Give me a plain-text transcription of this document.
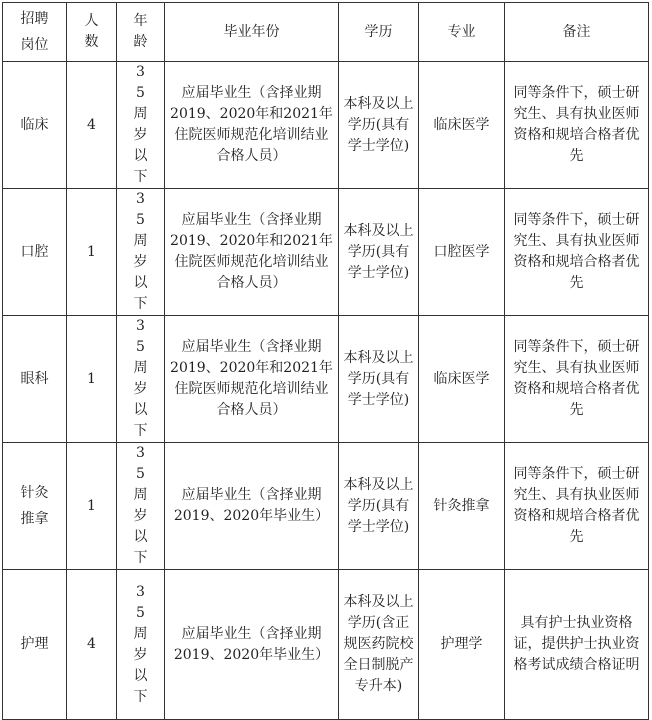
招聘岗位	人数	年龄	毕业年份	学历	专业	备注
临床	4	35周岁以下	应届毕业生（含择业期2019、2020年和2021年住院医师规范化培训结业合格人员）	本科及以上学历(具有学士学位)	临床医学	同等条件下，硕士研究生、具有执业医师资格和规培合格者优先
口腔	1	35周岁以下	应届毕业生（含择业期2019、2020年和2021年住院医师规范化培训结业合格人员）	本科及以上学历(具有学士学位)	口腔医学	同等条件下，硕士研究生、具有执业医师资格和规培合格者优先
眼科	1	35周岁以下	应届毕业生（含择业期2019、2020年和2021年住院医师规范化培训结业合格人员）	本科及以上学历(具有学士学位)	临床医学	同等条件下，硕士研究生、具有执业医师资格和规培合格者优先
针灸推拿	1	35周岁以下	应届毕业生（含择业期2019、2020年毕业生）	本科及以上学历(具有学士学位)	针灸推拿	同等条件下，硕士研究生、具有执业医师资格和规培合格者优先
护理	4	35周岁以下	应届毕业生（含择业期2019、2020年毕业生）	本科及以上学历(含正规医药院校全日制脱产专升本)	护理学	具有护士执业资格证，提供护士执业资格考试成绩合格证明
